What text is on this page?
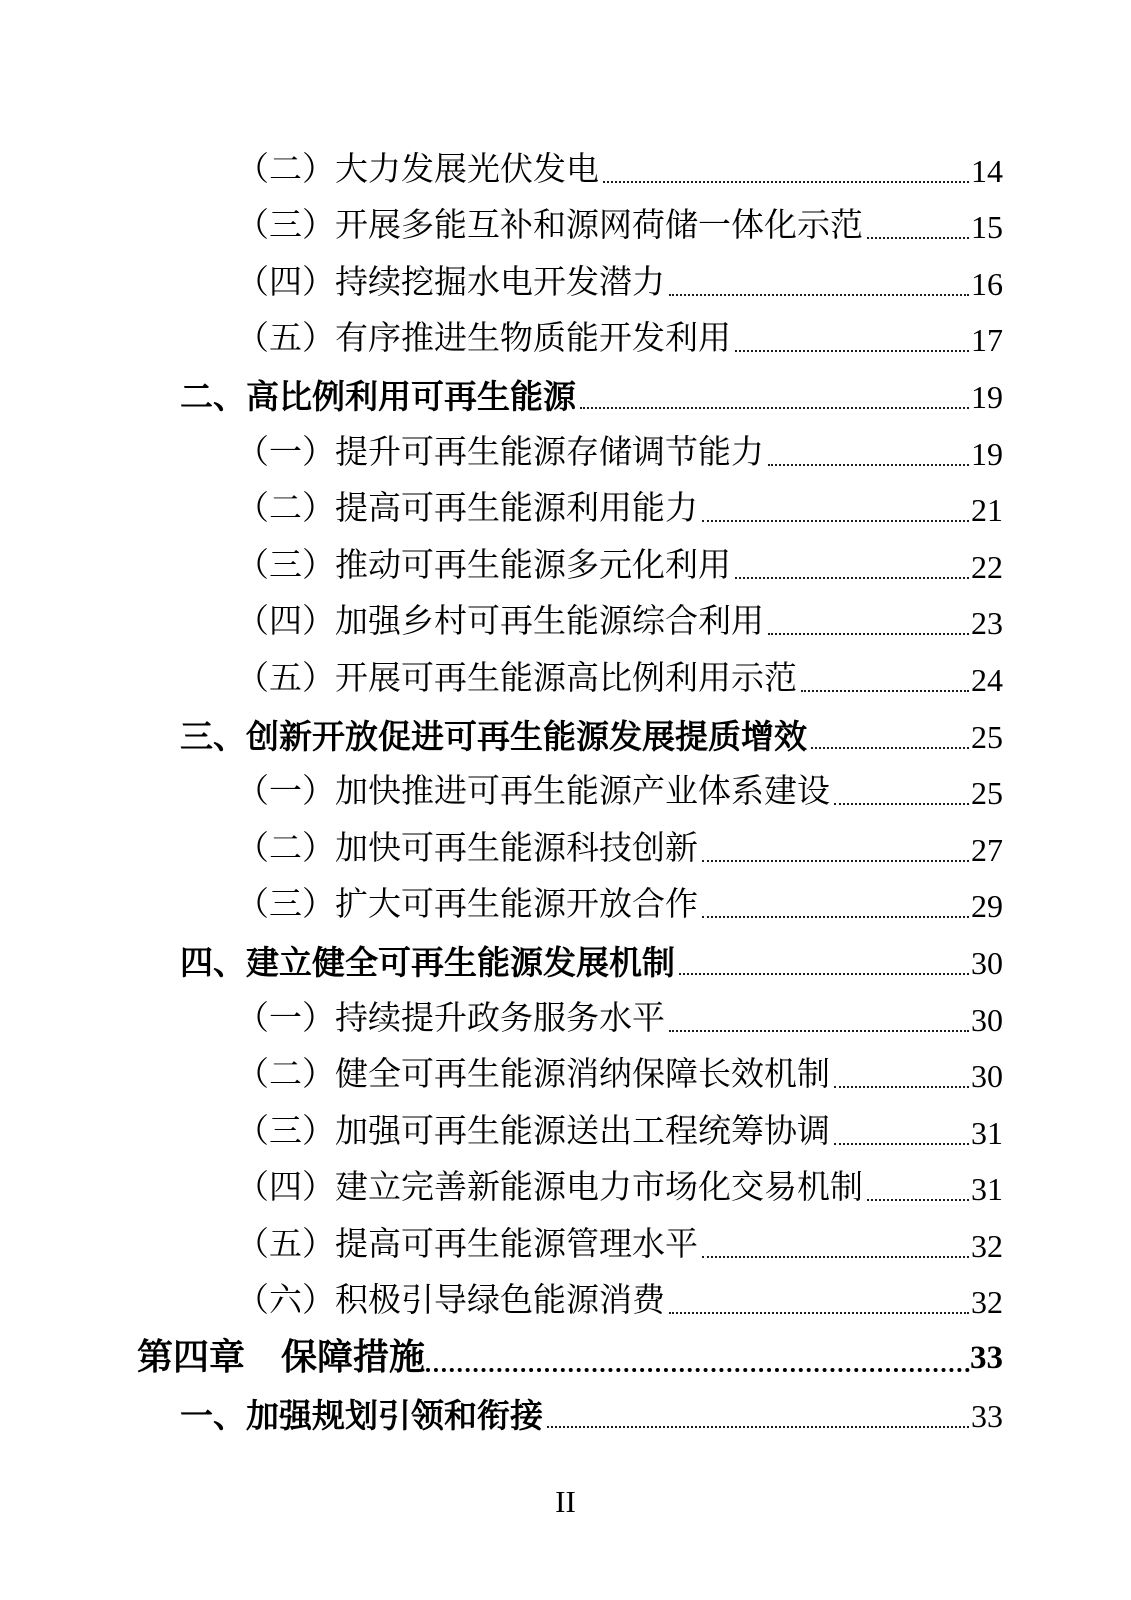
（二）大力发展光伏发电	14
（三）开展多能互补和源网荷储一体化示范	15
（四）持续挖掘水电开发潜力	16
（五）有序推进生物质能开发利用	17
二、高比例利用可再生能源	19
（一）提升可再生能源存储调节能力	19
（二）提高可再生能源利用能力	21
（三）推动可再生能源多元化利用	22
（四）加强乡村可再生能源综合利用	23
（五）开展可再生能源高比例利用示范	24
三、创新开放促进可再生能源发展提质增效	25
（一）加快推进可再生能源产业体系建设	25
（二）加快可再生能源科技创新	27
（三）扩大可再生能源开放合作	29
四、建立健全可再生能源发展机制	30
（一）持续提升政务服务水平	30
（二）健全可再生能源消纳保障长效机制	30
（三）加强可再生能源送出工程统筹协调	31
（四）建立完善新能源电力市场化交易机制	31
（五）提高可再生能源管理水平	32
（六）积极引导绿色能源消费	32
第四章　保障措施	33
一、加强规划引领和衔接	33
II
